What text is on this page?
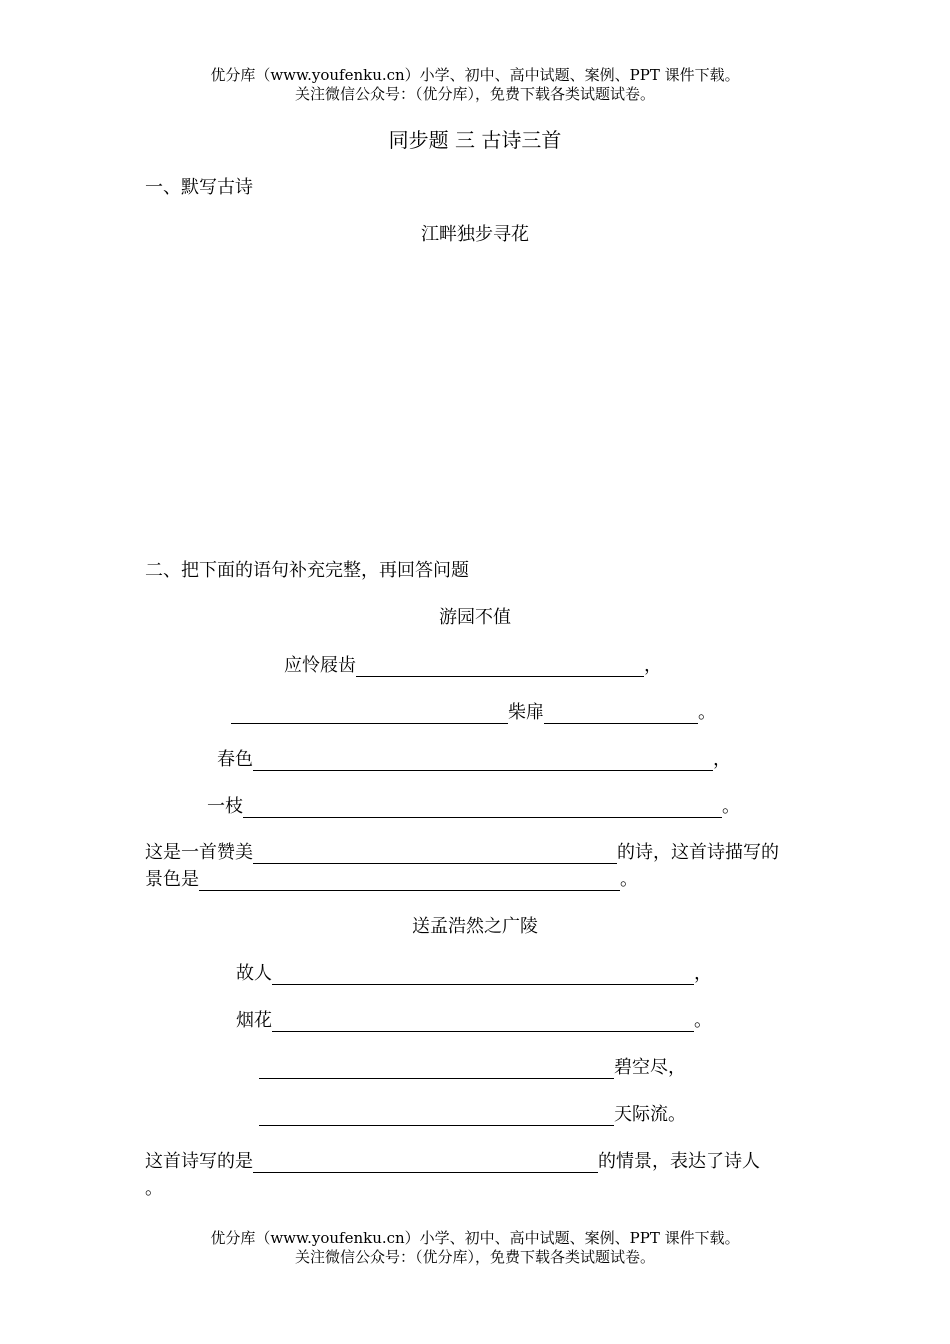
优分库（www.youfenku.cn）小学、初中、高中试题、案例、PPT 课件下载。
关注微信公众号：（优分库），免费下载各类试题试卷。
同步题 三 古诗三首
一、默写古诗
江畔独步寻花
二、把下面的语句补充完整，再回答问题
游园不值
应怜屐齿	，
柴扉	。
春色	，
一枝	。
这是一首赞美	的诗，这首诗描写的
景色是	。
送孟浩然之广陵
故人	，
烟花	。
碧空尽，
天际流。
这首诗写的是	的情景，表达了诗人
。
优分库（www.youfenku.cn）小学、初中、高中试题、案例、PPT 课件下载。
关注微信公众号：（优分库），免费下载各类试题试卷。
